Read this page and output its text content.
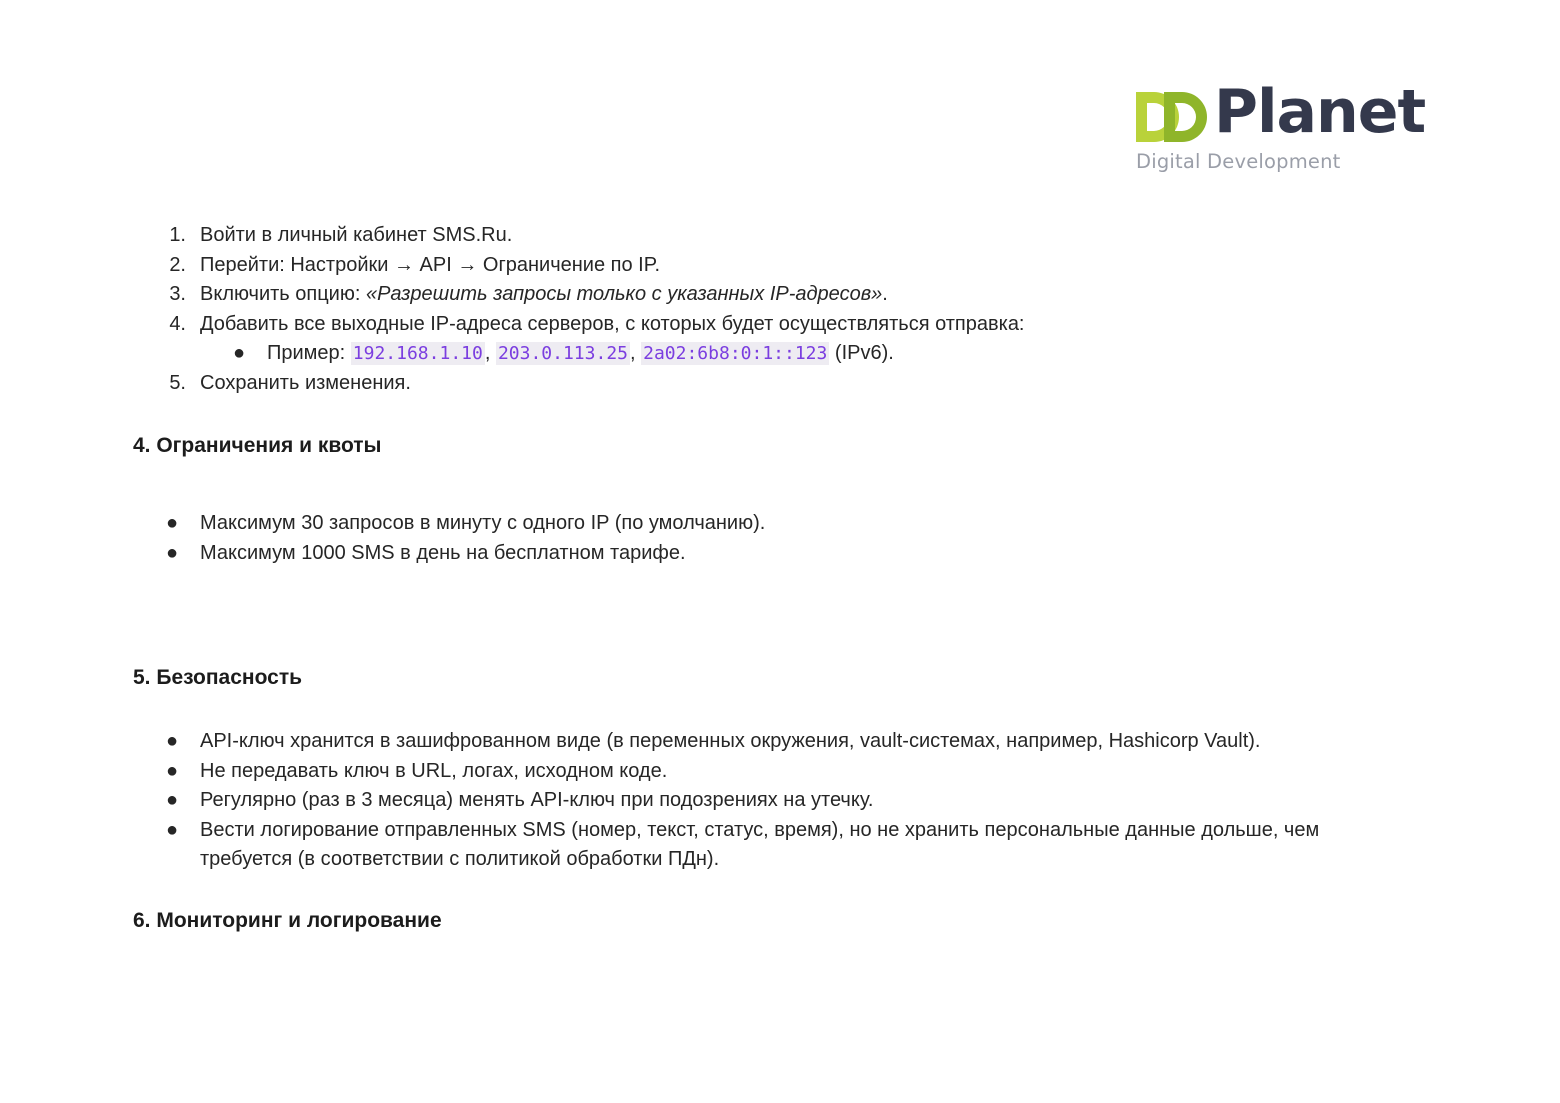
Planet
Digital Development
1. Войти в личный кабинет SMS.Ru.
2. Перейти: Настройки → API → Ограничение по IP.
3. Включить опцию: «Разрешить запросы только с указанных IP-адресов».
4. Добавить все выходные IP-адреса серверов, с которых будет осуществляться отправка:
● Пример: 192.168.1.10 , 203.0.113.25 , 2a02:6b8:0:1::123 (IPv6).
5. Сохранить изменения.
4. Ограничения и квоты
● Максимум 30 запросов в минуту с одного IP (по умолчанию).
● Максимум 1000 SMS в день на бесплатном тарифе.
5. Безопасность
● API-ключ хранится в зашифрованном виде (в переменных окружения, vault-системах, например, Hashicorp Vault).
● Не передавать ключ в URL, логах, исходном коде.
● Регулярно (раз в 3 месяца) менять API-ключ при подозрениях на утечку.
● Вести логирование отправленных SMS (номер, текст, статус, время), но не хранить персональные данные дольше, чем требуется (в соответствии с политикой обработки ПДн).
6. Мониторинг и логирование
